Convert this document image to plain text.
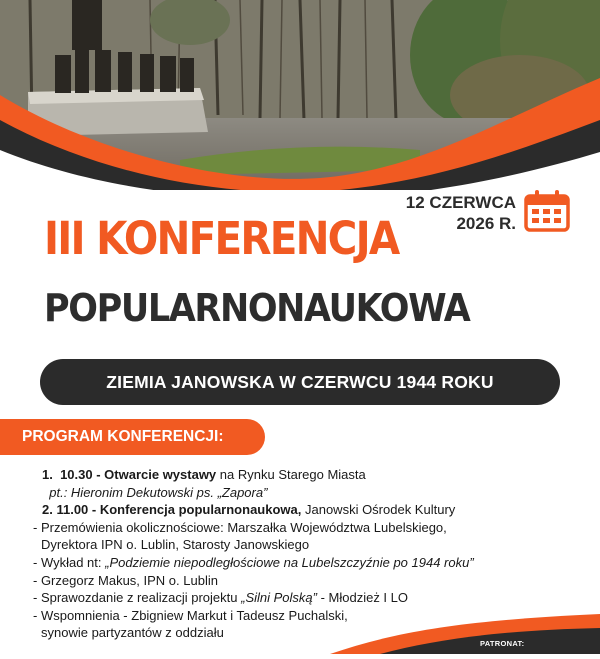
12 CZERWCA
2026 R.
III KONFERENCJA
POPULARNONAUKOWA
ZIEMIA JANOWSKA W CZERWCU 1944 ROKU
PROGRAM KONFERENCJI:
1. 10.30 - Otwarcie wystawy na Rynku Starego Miasta
pt.: Hieronim Dekutowski ps. „Zapora”
2. 11.00 - Konferencja popularnonaukowa, Janowski Ośrodek Kultury
- Przemówienia okolicznościowe: Marszałka Województwa Lubelskiego,
Dyrektora IPN o. Lublin, Starosty Janowskiego
- Wykład nt: „Podziemie niepodległościowe na Lubelszczyźnie po 1944 roku”
- Grzegorz Makus, IPN o. Lublin
- Sprawozdanie z realizacji projektu „Silni Polską” - Młodzież I LO
- Wspomnienia - Zbigniew Markut i Tadeusz Puchalski,
synowie partyzantów z oddziału
PATRONAT:
